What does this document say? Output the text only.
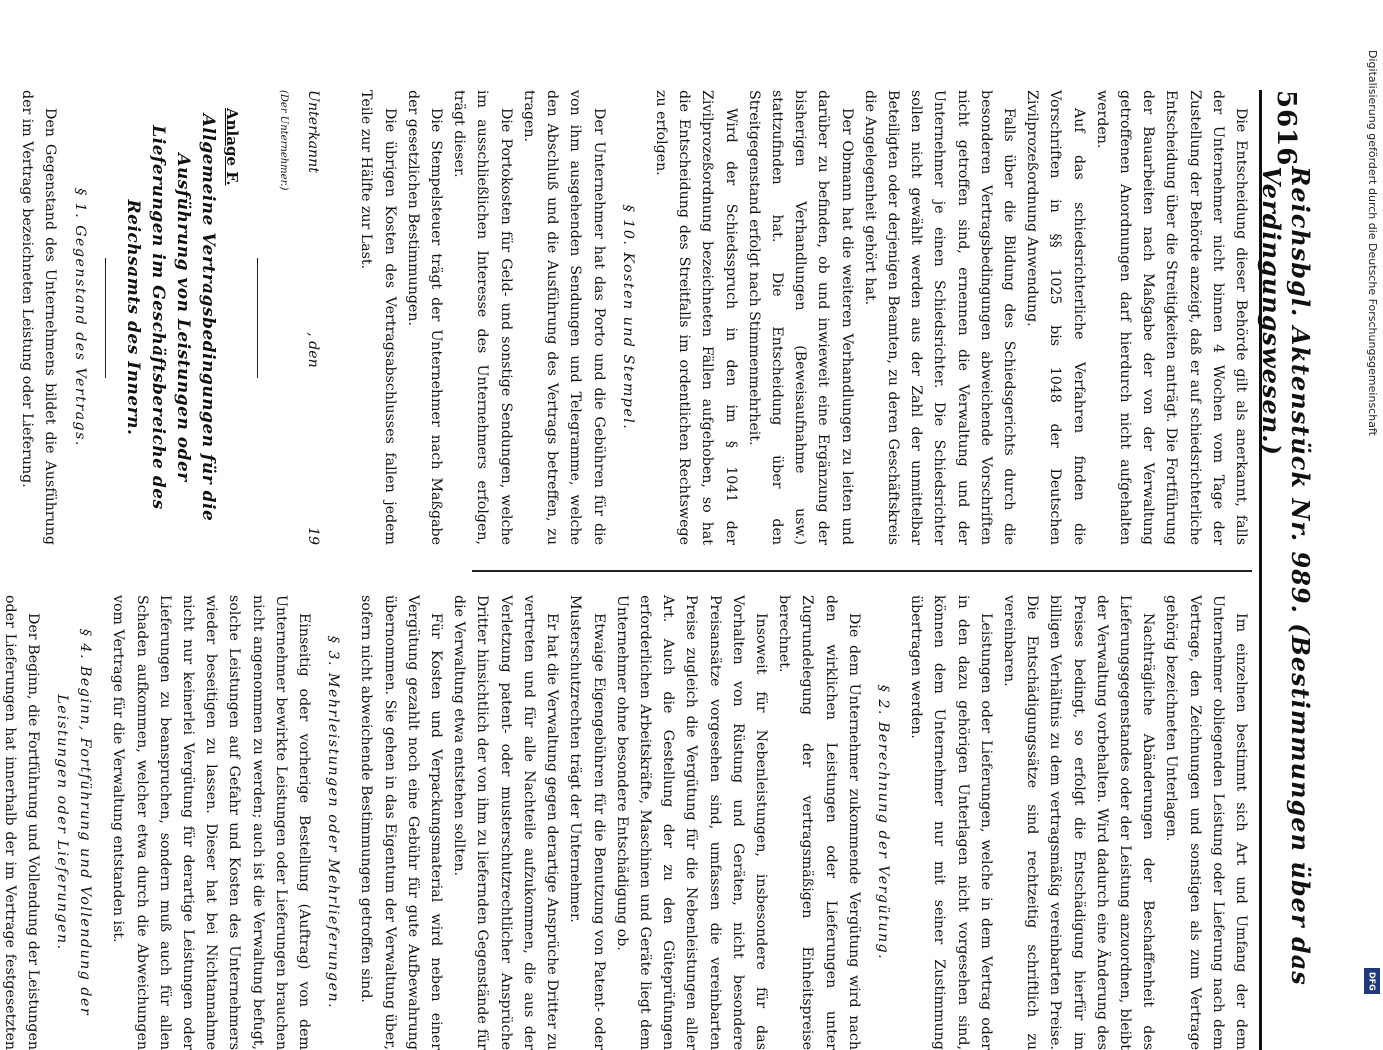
5616
Reichsbgl. Aktenstück Nr. 989. (Bestimmungen über das Verdingungswesen.)

Die Entscheidung dieser Behörde gilt als anerkannt, falls der Unternehmer nicht binnen 4 Wochen vom Tage der Zustellung der Behörde anzeigt, daß er auf schiedsrichterliche Entscheidung über die Streitigkeiten anträgt. Die Fortführung der Bauarbeiten nach Maßgabe der von der Verwaltung getroffenen Anordnungen darf hierdurch nicht aufgehalten werden.

Auf das schiedsrichterliche Verfahren finden die Vorschriften in §§ 1025 bis 1048 der Deutschen Zivilprozeßordnung Anwendung.

Falls über die Bildung des Schiedsgerichts durch die besonderen Vertragsbedingungen abweichende Vorschriften nicht getroffen sind, ernennen die Verwaltung und der Unternehmer je einen Schiedsrichter. Die Schiedsrichter sollen nicht gewählt werden aus der Zahl der unmittelbar Beteiligten oder derjenigen Beamten, zu deren Geschäftskreis die Angelegenheit gehört hat.

Der Obmann hat die weiteren Verhandlungen zu leiten und darüber zu befinden, ob und inwieweit eine Ergänzung der bisherigen Verhandlungen (Beweisaufnahme usw.) stattzufinden hat. Die Entscheidung über den Streitgegenstand erfolgt nach Stimmenmehrheit.

Wird der Schiedsspruch in den im § 1041 der Zivilprozeßordnung bezeichneten Fällen aufgehoben, so hat die Entscheidung des Streitfalls im ordentlichen Rechtswege zu erfolgen.

§ 10. Kosten und Stempel.

Der Unternehmer hat das Porto und die Gebühren für die von ihm ausgehenden Sendungen und Telegramme, welche den Abschluß und die Ausführung des Vertrags betreffen, zu tragen.

Die Portokosten für Geld- und sonstige Sendungen, welche im ausschließlichen Interesse des Unternehmers erfolgen, trägt dieser.

Die Stempelsteuer trägt der Unternehmer nach Maßgabe der gesetzlichen Bestimmungen.

Die übrigen Kosten des Vertragsabschlusses fallen jedem Teile zur Hälfte zur Last.

Unterkannt
, den
19
(Der Unternehmer.)

Anlage F.

Allgemeine Vertragsbedingungen für die Ausführung von Leistungen oder Lieferungen im Geschäftsbereiche des Reichsamts des Innern.
§ 1. Gegenstand des Vertrags.

Den Gegenstand des Unternehmens bildet die Ausführung der im Vertrage bezeichneten Leistung oder Lieferung.

Im einzelnen bestimmt sich Art und Umfang der dem Unternehmer obliegenden Leistung oder Lieferung nach dem Vertrage, den Zeichnungen und sonstigen als zum Vertrage gehörig bezeichneten Unterlagen.

Nachträgliche Abänderungen der Beschaffenheit des Lieferungsgegenstandes oder der Leistung anzuordnen, bleibt der Verwaltung vorbehalten. Wird dadurch eine Änderung des Preises bedingt, so erfolgt die Entschädigung hierfür im billigen Verhältnis zu dem vertragsmäßig vereinbarten Preise. Die Entschädigungssätze sind rechtzeitig schriftlich zu vereinbaren.

Leistungen oder Lieferungen, welche in dem Vertrag oder in den dazu gehörigen Unterlagen nicht vorgesehen sind, können dem Unternehmer nur mit seiner Zustimmung übertragen werden.

§ 2. Berechnung der Vergütung.

Die dem Unternehmer zukommende Vergütung wird nach den wirklichen Leistungen oder Lieferungen unter Zugrundelegung der vertragsmäßigen Einheitspreise berechnet.

Insoweit für Nebenleistungen, insbesondere für das Vorhalten von Rüstung und Geräten, nicht besondere Preisansätze vorgesehen sind, umfassen die vereinbarten Preise zugleich die Vergütung für die Nebenleistungen aller Art. Auch die Gestellung der zu den Güteprüfungen erforderlichen Arbeitskräfte, Maschinen und Geräte liegt dem Unternehmer ohne besondere Entschädigung ob.

Etwaige Eigengebühren für die Benutzung von Patent- oder Musterschutzrechten trägt der Unternehmer.

Er hat die Verwaltung gegen derartige Ansprüche Dritter zu vertreten und für alle Nachteile aufzukommen, die aus der Verletzung patent- oder musterschutzrechtlicher Ansprüche Dritter hinsichtlich der von ihm zu liefernden Gegenstände für die Verwaltung etwa entstehen sollten.

Für Kosten und Verpackungsmaterial wird neben einer Vergütung gezahlt noch eine Gebühr für gute Aufbewahrung übernommen. Sie gehen in das Eigentum der Verwaltung über, sofern nicht abweichende Bestimmungen getroffen sind.

§ 3. Mehrleistungen oder Mehrlieferungen.

Einseitig oder vorherige Bestellung (Auftrag) von dem Unternehmer bewirkte Leistungen oder Lieferungen brauchen nicht angenommen zu werden; auch ist die Verwaltung befugt, solche Leistungen auf Gefahr und Kosten des Unternehmers wieder beseitigen zu lassen. Dieser hat bei Nichtannahme nicht nur keinerlei Vergütung für derartige Leistungen oder Lieferungen zu beanspruchen, sondern muß auch für allen Schaden aufkommen, welcher etwa durch die Abweichungen vom Vertrage für die Verwaltung entstanden ist.

§ 4. Beginn, Fortführung und Vollendung der Leistungen oder Lieferungen.

Der Beginn, die Fortführung und Vollendung der Leistungen oder Lieferungen hat innerhalb der im Vertrage festgesetzten

Digitalisierung gefördert durch die Deutsche Forschungsgemeinschaft
DFG
